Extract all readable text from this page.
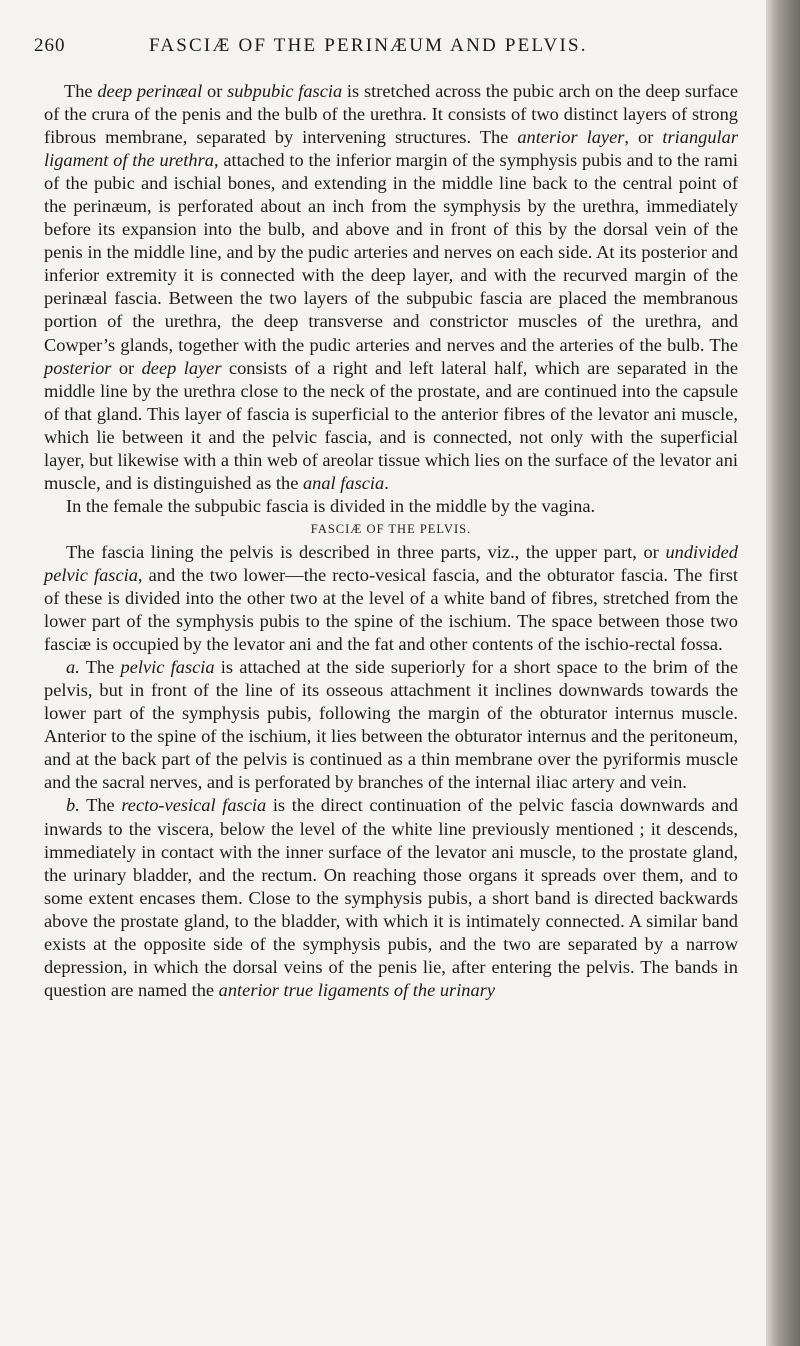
260	FASCIÆ OF THE PERINÆUM AND PELVIS.

The deep perinæal or subpubic fascia is stretched across the pubic arch on the deep surface of the crura of the penis and the bulb of the urethra. It consists of two distinct layers of strong fibrous membrane, separated by intervening structures. The anterior layer, or triangular ligament of the urethra, attached to the inferior margin of the symphysis pubis and to the rami of the pubic and ischial bones, and extending in the middle line back to the central point of the perinæum, is perforated about an inch from the symphysis by the urethra, immediately before its expansion into the bulb, and above and in front of this by the dorsal vein of the penis in the middle line, and by the pudic arteries and nerves on each side. At its posterior and inferior extremity it is connected with the deep layer, and with the recurved margin of the perinæal fascia. Between the two layers of the subpubic fascia are placed the membranous portion of the urethra, the deep transverse and constrictor muscles of the urethra, and Cowper’s glands, together with the pudic arteries and nerves and the arteries of the bulb. The posterior or deep layer consists of a right and left lateral half, which are separated in the middle line by the urethra close to the neck of the prostate, and are continued into the capsule of that gland. This layer of fascia is superficial to the anterior fibres of the levator ani muscle, which lie between it and the pelvic fascia, and is connected, not only with the superficial layer, but likewise with a thin web of areolar tissue which lies on the surface of the levator ani muscle, and is distinguished as the anal fascia.

In the female the subpubic fascia is divided in the middle by the vagina.

FASCIÆ OF THE PELVIS.

The fascia lining the pelvis is described in three parts, viz., the upper part, or undivided pelvic fascia, and the two lower—the recto-vesical fascia, and the obturator fascia. The first of these is divided into the other two at the level of a white band of fibres, stretched from the lower part of the symphysis pubis to the spine of the ischium. The space between those two fasciæ is occupied by the levator ani and the fat and other contents of the ischio-rectal fossa.

a. The pelvic fascia is attached at the side superiorly for a short space to the brim of the pelvis, but in front of the line of its osseous attachment it inclines downwards towards the lower part of the symphysis pubis, following the margin of the obturator internus muscle. Anterior to the spine of the ischium, it lies between the obturator internus and the peritoneum, and at the back part of the pelvis is continued as a thin membrane over the pyriformis muscle and the sacral nerves, and is perforated by branches of the internal iliac artery and vein.

b. The recto-vesical fascia is the direct continuation of the pelvic fascia downwards and inwards to the viscera, below the level of the white line previously mentioned ; it descends, immediately in contact with the inner surface of the levator ani muscle, to the prostate gland, the urinary bladder, and the rectum. On reaching those organs it spreads over them, and to some extent encases them. Close to the symphysis pubis, a short band is directed backwards above the prostate gland, to the bladder, with which it is intimately connected. A similar band exists at the opposite side of the symphysis pubis, and the two are separated by a narrow depression, in which the dorsal veins of the penis lie, after entering the pelvis. The bands in question are named the anterior true ligaments of the urinary
